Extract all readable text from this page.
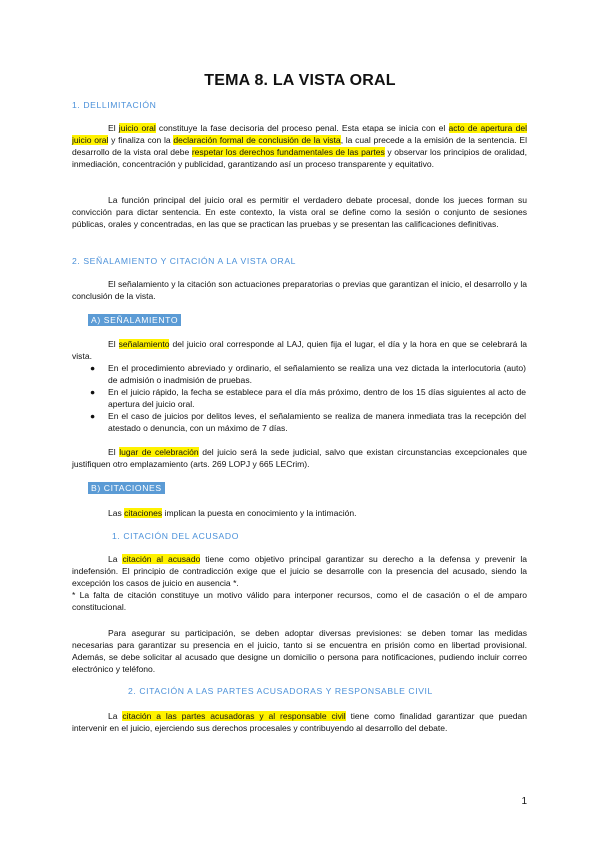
TEMA 8. LA VISTA ORAL
1. DELLIMITACIÓN
El juicio oral constituye la fase decisoria del proceso penal. Esta etapa se inicia con el acto de apertura del juicio oral y finaliza con la declaración formal de conclusión de la vista, la cual precede a la emisión de la sentencia. El desarrollo de la vista oral debe respetar los derechos fundamentales de las partes y observar los principios de oralidad, inmediación, concentración y publicidad, garantizando así un proceso transparente y equitativo.
La función principal del juicio oral es permitir el verdadero debate procesal, donde los jueces forman su convicción para dictar sentencia. En este contexto, la vista oral se define como la sesión o conjunto de sesiones públicas, orales y concentradas, en las que se practican las pruebas y se presentan las calificaciones definitivas.
2. SEÑALAMIENTO Y CITACIÓN A LA VISTA ORAL
El señalamiento y la citación son actuaciones preparatorias o previas que garantizan el inicio, el desarrollo y la conclusión de la vista.
A) SEÑALAMIENTO
El señalamiento del juicio oral corresponde al LAJ, quien fija el lugar, el día y la hora en que se celebrará la vista.
● En el procedimiento abreviado y ordinario, el señalamiento se realiza una vez dictada la interlocutoria (auto) de admisión o inadmisión de pruebas.
● En el juicio rápido, la fecha se establece para el día más próximo, dentro de los 15 días siguientes al acto de apertura del juicio oral.
● En el caso de juicios por delitos leves, el señalamiento se realiza de manera inmediata tras la recepción del atestado o denuncia, con un máximo de 7 días.
El lugar de celebración del juicio será la sede judicial, salvo que existan circunstancias excepcionales que justifiquen otro emplazamiento (arts. 269 LOPJ y 665 LECrim).
B) CITACIONES
Las citaciones implican la puesta en conocimiento y la intimación.
1. CITACIÓN DEL ACUSADO
La citación al acusado tiene como objetivo principal garantizar su derecho a la defensa y prevenir la indefensión. El principio de contradicción exige que el juicio se desarrolle con la presencia del acusado, siendo la excepción los casos de juicio en ausencia *.
* La falta de citación constituye un motivo válido para interponer recursos, como el de casación o el de amparo constitucional.
Para asegurar su participación, se deben adoptar diversas previsiones: se deben tomar las medidas necesarias para garantizar su presencia en el juicio, tanto si se encuentra en prisión como en libertad provisional. Además, se debe solicitar al acusado que designe un domicilio o persona para notificaciones, pudiendo incluir correo electrónico y teléfono.
2. CITACIÓN A LAS PARTES ACUSADORAS Y RESPONSABLE CIVIL
La citación a las partes acusadoras y al responsable civil tiene como finalidad garantizar que puedan intervenir en el juicio, ejerciendo sus derechos procesales y contribuyendo al desarrollo del debate.
1
